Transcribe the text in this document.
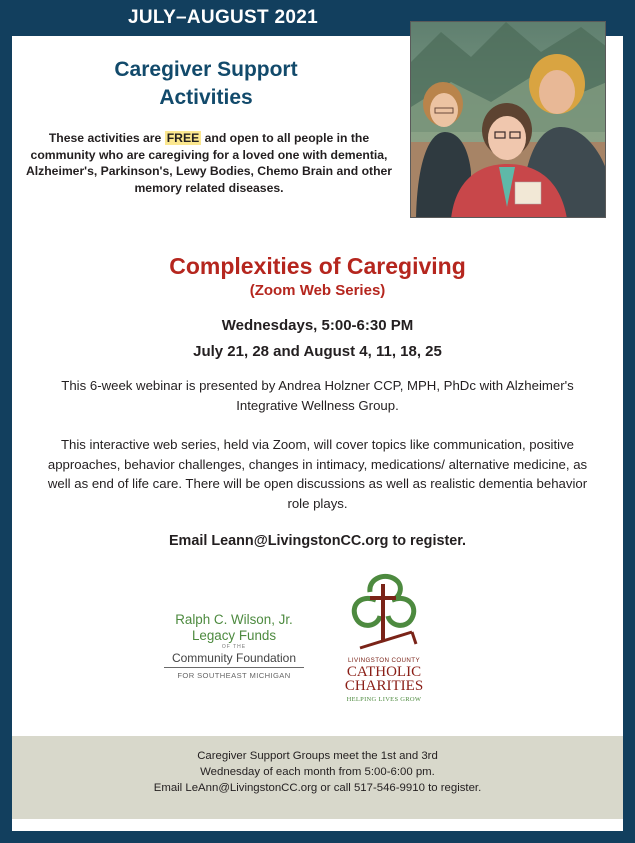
JULY–AUGUST 2021
Caregiver Support
Activities
These activities are FREE and open to all people in the community who are caregiving for a loved one with dementia, Alzheimer's, Parkinson's, Lewy Bodies, Chemo Brain and other memory related diseases.
Complexities of Caregiving
(Zoom Web Series)
Wednesdays, 5:00-6:30 PM
July 21, 28 and August 4, 11, 18, 25
This 6-week webinar is presented by Andrea Holzner CCP, MPH, PhDc with Alzheimer's Integrative Wellness Group.
This interactive web series, held via Zoom, will cover topics like communication, positive approaches, behavior challenges, changes in intimacy, medications/ alternative medicine, as well as end of life care. There will be open discussions as well as realistic dementia behavior role plays.
Email Leann@LivingstonCC.org to register.
Ralph C. Wilson, Jr.
Legacy Funds
OF THE
Community Foundation
FOR SOUTHEAST MICHIGAN
LIVINGSTON COUNTY
CATHOLIC
CHARITIES
HELPING LIVES GROW
Caregiver Support Groups meet the 1st and 3rd
Wednesday of each month from 5:00-6:00 pm.
Email LeAnn@LivingstonCC.org or call 517-546-9910 to register.
